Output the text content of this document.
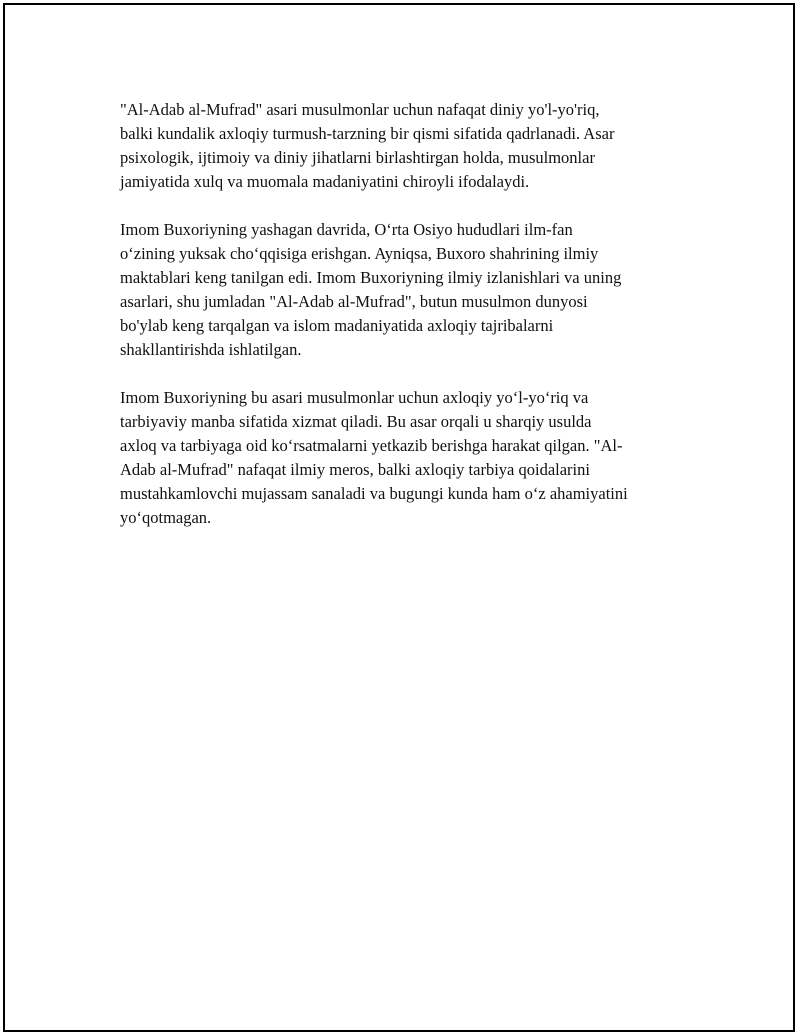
"Al-Adab al-Mufrad" asari musulmonlar uchun nafaqat diniy yo'l-yo'riq,
balki kundalik axloqiy turmush-tarzning bir qismi sifatida qadrlanadi. Asar
psixologik, ijtimoiy va diniy jihatlarni birlashtirgan holda, musulmonlar
jamiyatida xulq va muomala madaniyatini chiroyli ifodalaydi.

Imom Buxoriyning yashagan davrida, O‘rta Osiyo hududlari ilm-fan
o‘zining yuksak cho‘qqisiga erishgan. Ayniqsa, Buxoro shahrining ilmiy
maktablari keng tanilgan edi. Imom Buxoriyning ilmiy izlanishlari va uning
asarlari, shu jumladan "Al-Adab al-Mufrad", butun musulmon dunyosi
bo'ylab keng tarqalgan va islom madaniyatida axloqiy tajribalarni
shakllantirishda ishlatilgan.

Imom Buxoriyning bu asari musulmonlar uchun axloqiy yo‘l-yo‘riq va
tarbiyaviy manba sifatida xizmat qiladi. Bu asar orqali u sharqiy usulda
axloq va tarbiyaga oid ko‘rsatmalarni yetkazib berishga harakat qilgan. "Al-
Adab al-Mufrad" nafaqat ilmiy meros, balki axloqiy tarbiya qoidalarini
mustahkamlovchi mujassam sanaladi va bugungi kunda ham o‘z ahamiyatini
yo‘qotmagan.
